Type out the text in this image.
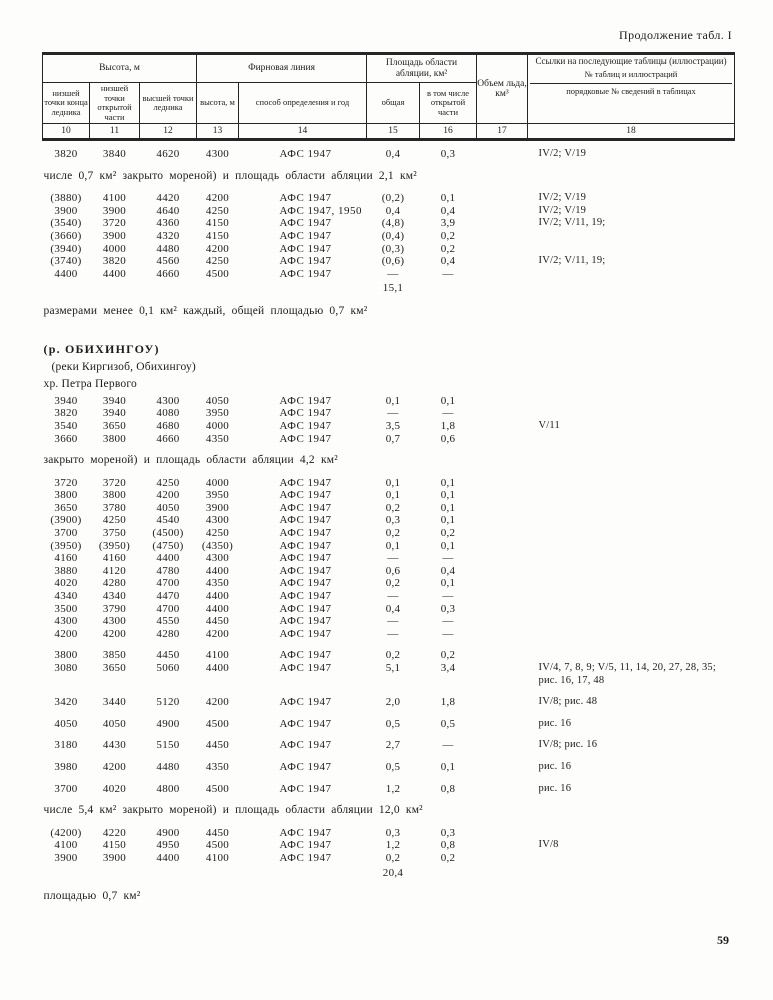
Продолжение табл. I
Высота, м			Фирновая линия		Площадь области абляции, км²		Объем льда, км³	Ссылки на последующие таблицы (иллюстрации)
№ таблиц и иллюстраций
порядковые № сведений в таблицах

низшей точки конца ледника	низшей точки открытой части	высшей точки ледника	высота, м	способ определения и год	общая	в том числе открытой части		
10	11	12	13	14	15	16	17	18

3820	3840	4620	4300	АФС 1947	0,4	0,3		IV/2; V/19
числе 0,7 км² закрыто мореной) и площадь области абляции 2,1 км²								
(3880)	4100	4420	4200	АФС 1947	(0,2)	0,1		IV/2; V/19
3900	3900	4640	4250	АФС 1947, 1950	0,4	0,4		IV/2; V/19
(3540)	3720	4360	4150	АФС 1947	(4,8)	3,9		IV/2; V/11, 19;
(3660)	3900	4320	4150	АФС 1947	(0,4)	0,2		
(3940)	4000	4480	4200	АФС 1947	(0,3)	0,2		
(3740)	3820	4560	4250	АФС 1947	(0,6)	0,4		IV/2; V/11, 19;
4400	4400	4660	4500	АФС 1947	—	—		
					15,1			
размерами менее 0,1 км² каждый, общей площадью 0,7 км²								
(р. ОБИХИНГОУ)								
(реки Киргизоб, Обихингоу)								
хр. Петра Первого								
3940	3940	4300	4050	АФС 1947	0,1	0,1		
3820	3940	4080	3950	АФС 1947	—	—		
3540	3650	4680	4000	АФС 1947	3,5	1,8		V/11
3660	3800	4660	4350	АФС 1947	0,7	0,6		
закрыто мореной) и площадь области абляции 4,2 км²								
3720	3720	4250	4000	АФС 1947	0,1	0,1		
3800	3800	4200	3950	АФС 1947	0,1	0,1		
3650	3780	4050	3900	АФС 1947	0,2	0,1		
(3900)	4250	4540	4300	АФС 1947	0,3	0,1		
3700	3750	(4500)	4250	АФС 1947	0,2	0,2		
(3950)	(3950)	(4750)	(4350)	АФС 1947	0,1	0,1		
4160	4160	4400	4300	АФС 1947	—	—		
3880	4120	4780	4400	АФС 1947	0,6	0,4		
4020	4280	4700	4350	АФС 1947	0,2	0,1		
4340	4340	4470	4400	АФС 1947	—	—		
3500	3790	4700	4400	АФС 1947	0,4	0,3		
4300	4300	4550	4450	АФС 1947	—	—		
4200	4200	4280	4200	АФС 1947	—	—		

3800	3850	4450	4100	АФС 1947	0,2	0,2		
3080	3650	5060	4400	АФС 1947	5,1	3,4		IV/4, 7, 8, 9; V/5, 11, 14, 20, 27, 28, 35; рис. 16, 17, 48

3420	3440	5120	4200	АФС 1947	2,0	1,8		IV/8; рис. 48

4050	4050	4900	4500	АФС 1947	0,5	0,5		рис. 16

3180	4430	5150	4450	АФС 1947	2,7	—		IV/8; рис. 16

3980	4200	4480	4350	АФС 1947	0,5	0,1		рис. 16

3700	4020	4800	4500	АФС 1947	1,2	0,8		рис. 16
числе 5,4 км² закрыто мореной) и площадь области абляции 12,0 км²								
(4200)	4220	4900	4450	АФС 1947	0,3	0,3		
4100	4150	4950	4500	АФС 1947	1,2	0,8		IV/8
3900	3900	4400	4100	АФС 1947	0,2	0,2		
					20,4			
площадью 0,7 км²								
59
